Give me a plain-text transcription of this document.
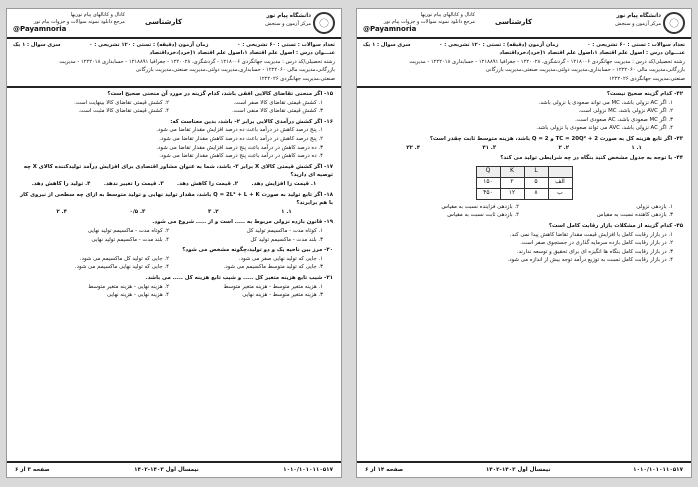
دانشگاه پیام نور
مرکز آزمون و سنجش
کارشناسی
کانال و کانالهای پیام نوریها
مرجع دانلود نمونه سوالات و جزوات پیام نور
@Payamnoria
تعداد سوالات : تستی : ۶۰ تشریحی : ۰
زمان آزمون (دقیقه) : تستی : ۱۲۰ تشریحی : ۰
سری سوال : ۱ یک
عنـــوان درس : اصول علم اقتصاد ۱،اصول علم اقتصاد ۱(خرد)،خرداقتصاد
رشته تحصیلی/کد درس : مدیریت جهانگردی ۱۲۱۸۰۰۶ - گردشگری، ۱۲۲۰۰۲۸ - جغرافیا ۱۲۱۸۸۹۱ - حسابداری ۱۲۲۲۰۱۸ - مدیریت
بازرگانی،مدیریت مالی ۱۲۲۲۰۶۰ - حسابداری،مدیریت دولتی،مدیریت صنعتی،مدیریت بازرگانی
صنعتی،مدیریت جهانگردی ۱۲۲۲۰۲۶
۱۵- اگر منحنی تقاضای کالایی افقی باشد، کدام گزینه در مورد آن منحنی صحیح است؟
۱. کشش قیمتی تقاضای کالا صفر است.
۲. کشش قیمتی تقاضای کالا بینهایت است.
۳. کشش قیمتی تقاضای کالا منفی است.
۴. کشش قیمتی تقاضای کالا مثبت است.
۱۶- اگر کشش درآمدی کالایی برابر ۲- باشد، بدین معناست که:
۱. پنج درصد کاهش در درآمد باعث ده درصد افزایش مقدار تقاضا می شود.
۲. پنج درصد کاهش در درآمد باعث ده درصد کاهش مقدار تقاضا می شود.
۳. ده درصد کاهش در درآمد باعث پنج درصد افزایش مقدار تقاضا می شود.
۴. ده درصد کاهش در درآمد باعث پنج درصد کاهش مقدار تقاضا می شود.
۱۷- اگر کشش قیمتی کالای X برابر ۳- باشد، شما به عنوان مشاور اقتصادی برای افزایش درآمد تولیدکننده کالای X چه توصیه ای دارید؟
۱. قیمت را افزایش دهد.
۲. قیمت را کاهش دهد.
۳. قیمت را تغییر ندهد.
۴. تولید را کاهش دهد.
۱۸- اگر تابع تولید به صورت Q = 2L² + L + K باشد، مقدار تولید نهایی و تولید متوسط به ازای چه سطحی از نیروی کار با هم برابرند؟
۱. ۱
۲. ۳
۳. ۰/۵
۴. ۲
۱۹- قانون بازده نزولی مربوط به ..... است و از ..... شروع می شود.
۱. کوتاه مدت - ماکسیمم تولید کل
۲. کوتاه مدت - ماکسیمم تولید نهایی
۳. بلند مدت - ماکسیمم تولید کل
۴. بلند مدت - ماکسیمم تولید نهایی
۲۰- مرز بین ناحیه یک و دو تولید،چگونه مشخص می شود؟
۱. جایی که تولید نهایی صفر می شود.
۲. جایی که تولید کل ماکسیمم می شود.
۳. جایی که تولید متوسط ماکسیمم می شود.
۴. جایی که تولید نهایی ماکسیمم می شود.
۲۱- شیب تابع هزینه متغیر کل ..... و شیب تابع هزینه کل ..... می باشد.
۱. هزینه متغیر متوسط - هزینه متغیر متوسط
۲. هزینه نهایی - هزینه متغیر متوسط
۳. هزینه متغیر متوسط - هزینه نهایی
۴. هزینه نهایی - هزینه نهایی
۱۰۱۰/۱۰۱۰۱۱۰۵۱۷
نیمسال اول ۱۴۰۳-۱۴۰۲
صفحه ۳ از ۶
دانشگاه پیام نور
مرکز آزمون و سنجش
کارشناسی
کانال و کانالهای پیام نوریها
مرجع دانلود نمونه سوالات و جزوات پیام نور
@Payamnoria
تعداد سوالات : تستی : ۶۰ تشریحی : ۰
زمان آزمون (دقیقه) : تستی : ۱۲۰ تشریحی : ۰
سری سوال : ۱ یک
عنـــوان درس : اصول علم اقتصاد ۱،اصول علم اقتصاد ۱(خرد)،خرداقتصاد
رشته تحصیلی/کد درس : مدیریت جهانگردی ۱۲۱۸۰۰۶ - گردشگری، ۱۲۲۰۰۲۸ - جغرافیا ۱۲۱۸۸۹۱ - حسابداری ۱۲۲۲۰۱۸ - مدیریت
بازرگانی،مدیریت مالی ۱۲۲۲۰۶۰ - حسابداری،مدیریت دولتی،مدیریت صنعتی،مدیریت بازرگانی
صنعتی،مدیریت جهانگردی ۱۲۲۲۰۲۶
۴۲- کدام گزینه صحیح نیست؟
۱. اگر AC نزولی باشد، MC می تواند صعودی یا نزولی باشد.
۲. اگر AVC نزولی باشد، MC نزولی است.
۳. اگر MC صعودی باشد، AC صعودی است.
۴. اگر AC نزولی باشد، AVC می تواند صعودی یا نزولی باشد.
۴۳- اگر تابع هزینه کل به صورت TC = 20Q² + 2 و Q = 2 باشد، هزینه متوسط ثابت چقدر است؟
۱. ۱
۲. ۲
۳. ۴۱
۴. ۲۲
۴۴- با توجه به جدول مشخص کنید بنگاه در چه شرایطی تولید می کند؟
	L	K	Q
الف	۵	۲	۱۵۰
ب	۸	۱۲	۴۵۰
۱. بازدهی نزولی
۲. بازدهی فزاینده نسبت به مقیاس
۳. بازدهی کاهنده نسبت به مقیاس
۴. بازدهی ثابت نسبت به مقیاس
۴۵- کدام گزینه از مشکلات بازار رقابت کامل است؟
۱. در بازار رقابت کامل با افزایش قیمت مقدار تقاضا کاهش پیدا نمی کند.
۲. در بازار رقابت کامل بازده سرمایه گذاری در جستجوی صفر است.
۳. در بازار رقابت کامل بنگاه ها انگیزه ای برای تحقیق و توسعه ندارند.
۴. در بازار رقابت کامل نسبت به توزیع درآمد توجه بیش از اندازه می شود.
۱۰۱۰/۱۰۱۰۱۱۰۵۱۷
نیمسال اول ۱۴۰۳-۱۴۰۲
صفحه ۱۴ از ۶
